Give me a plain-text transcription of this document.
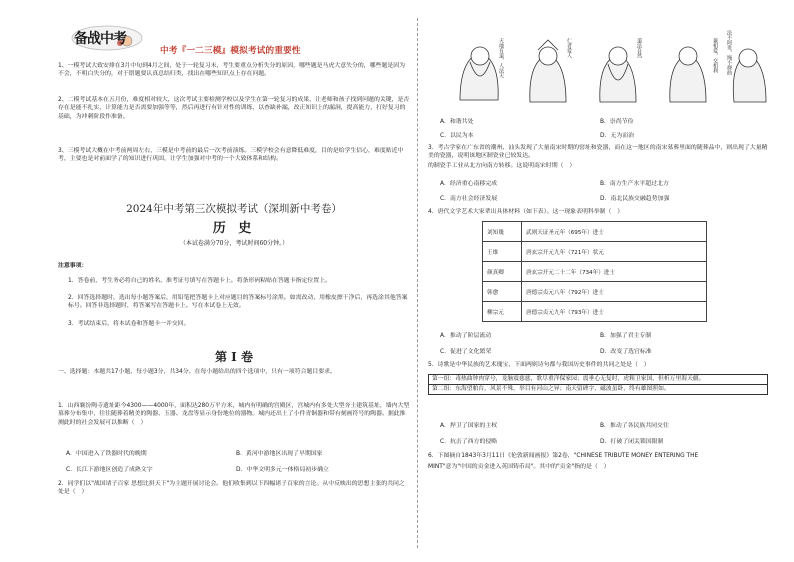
备战中考
中考『一二三模』模拟考试的重要性

1、一模考试大致安排在3月中旬到4月之间，处于一轮复习末，考生要重点分析失分的原因，哪些题是马虎大意失分的，哪些题是因为不会，不明白失分的，对于错题要认真总结归类，找出在哪些知识点上存在问题。

2、二模考试基本在五月份，难度相对较大，这次考试主要检测学校以及学生在第一轮复习的成果，让老师和孩子找到问题的关键，是否存在是能不扎实，计算能力是否需要加强等等，然后再进行有针对性的训练，以查缺补漏，改正知识上的漏洞，提高能力，打好复习的基础，为冲刺阶段作准备。

3、三模考试大概在中考前两周左右，三模是中考前的最后一次考前演练。三模学校会有意降低难度，目的是给学生信心，难度贴近中考，主要也是对前面学了的知识进行巩固，让学生加强对中考的一个大致体系和结构。

2024年中考第三次模拟考试（深圳新中考卷）
历 史
（本试卷满分70分，考试时间60分钟。）
注意事项：

1．答卷前，考生务必将自己的姓名、准考证号填写在答题卡上。将条形码粘贴在答题卡指定位置上。

2．回答选择题时，选出每小题答案后，用铅笔把答题卡上对应题目的答案标号涂黑。如需改动，用橡皮擦干净后，再选涂其他答案标号。回答非选择题时，将答案写在答题卡上。写在本试卷上无效。

3．考试结束后，将本试卷和答题卡一并交回。

第 I 卷

一、选择题：本题共17小题，每小题3分，共34分。在每小题给出的四个选项中，只有一项符合题目要求。

1．山西襄汾陶寺遗址距今4300——4000年，面积达280万平方米，城内有明确的宫殿区，宫城内有多处大型夯土建筑基址，墙内大型墓葬分布集中，往往随葬着精美的陶器、玉器、龙盘等显示身份地位的器物。城内还出土了小件青铜器和带有刻画符号的陶器。据此推测此时的社会发展可以推断（　）

A．中国进入了铁器时代的晚期	B．黄河中游地区出现了早期国家
C．长江下游地区创造了成熟文字	D．中华文明多元一体格局初步确立

2．同学们以"战国诸子百家 思想比拼天下"为主题开展讨论会。他们收集到以下四幅诸子百家的言论。从中反映出的思想主张的共同之处是（　）

天地有道，人法天	仁者爱人	道法自然	兼相爱，交相利	法不阿贵，绳不挠曲
A．和谐共处	B．崇尚节俭
C．以民为本	D．无为而治
3．考古学家在广东省的潮州、汕头发现了大量南宋时期的窑址和瓷器，而在这一地区的南宋墓葬里面的随葬品中，则出现了大量精美的瓷器，说明该地区制瓷业已较发达。
的制瓷手工业从北方向南方转移。这说明南宋时期（　）
A．经济重心南移完成	B．南方生产水平超过北方
C．南方社会经济发展	D．南北民族交融趋势加强
4．唐代文学艺术大家辈出具体材料（如下表）。这一现象表明科举制（　）
刘知幾	武则天证圣元年（695年）进士
王维	唐玄宗开元九年（721年）状元
颜真卿	唐玄宗开元二十二年（734年）进士
韩愈	唐德宗贞元八年（792年）进士
柳宗元	唐德宗贞元九年（793年）进士
A．推动了阶层流动	B．加强了君主专制
C．促进了文化繁荣	D．改变了选官标准
5．诗歌是中华民族的艺术瑰宝，下面两则诗句都与我国历史事件的共同之处是（　）
第一组：毒热曲钟肉穿兮，龙脑震慈慈，歌尽重洋保家园；震垂心无复时，虎粗卫家国，但析万里海天疆。
第二组：东海望舶台，风景不殊，举目有河山之异；南天留碑字，磁波虽卧，终有雄图照如。
A．捍卫了国家的主权	B．推动了各民族共同交往
C．抗击了西方的侵略	D．打破了闭关锁国限制
6．下图摘自1843年3月11日《伦敦新闻画报》第2卷，"CHINESE TRIBUTE MONEY ENTERING THE
MINT"意为"中国的贡金进入英国铸币局"。其中的"贡金"指的是（　）
